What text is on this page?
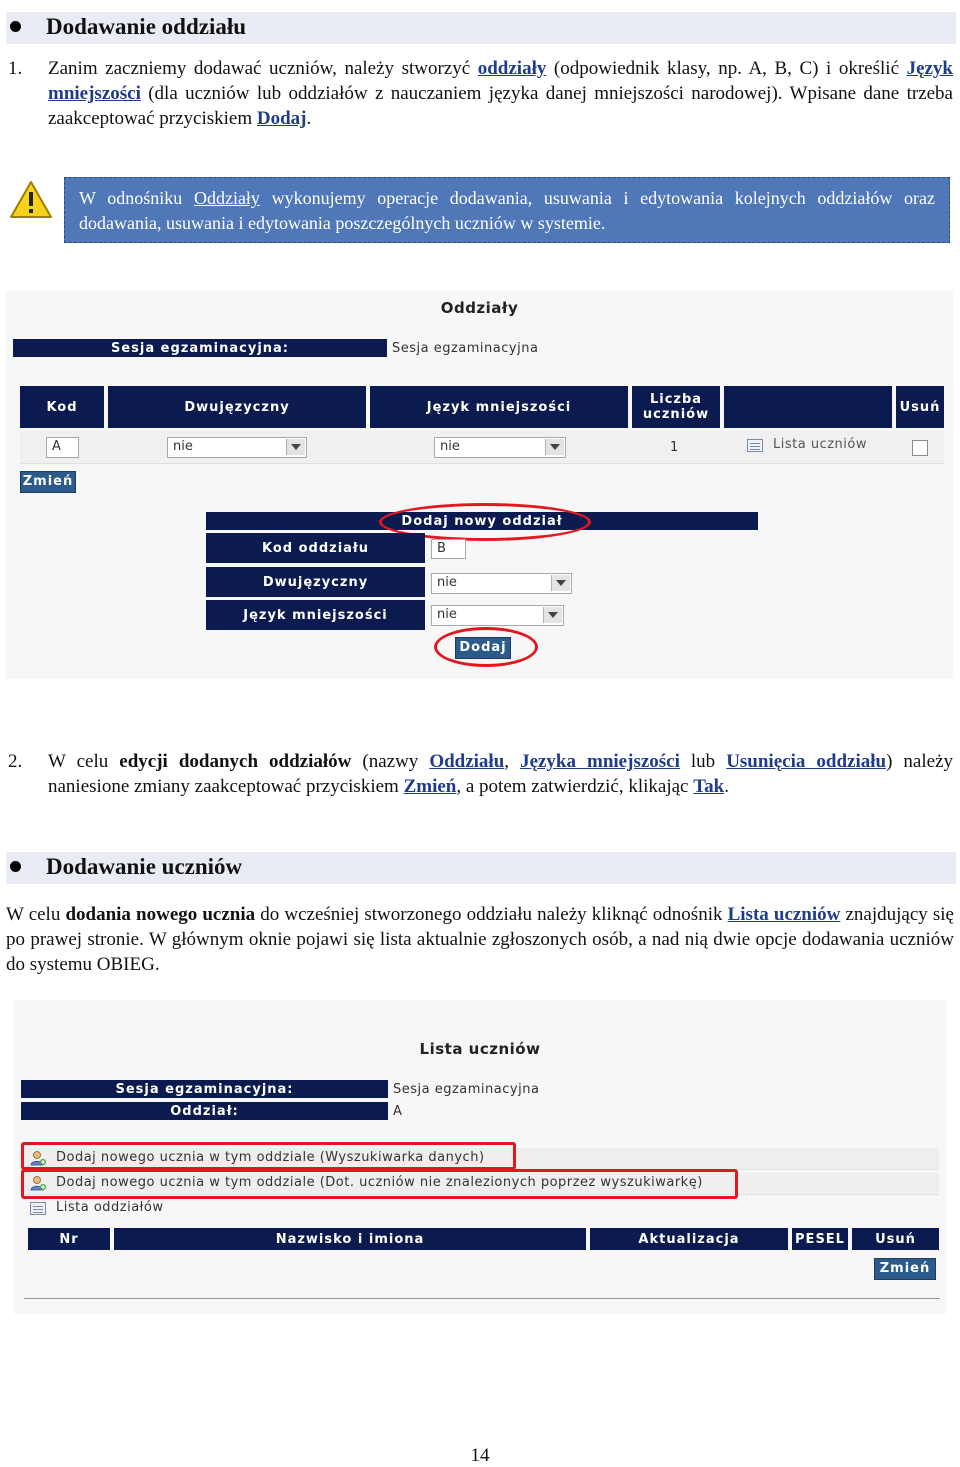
Dodawanie oddziału
1.	Zanim zaczniemy dodawać uczniów, należy stworzyć oddziały (odpowiednik klasy, np. A, B, C) i określić Język mniejszości (dla uczniów lub oddziałów z nauczaniem języka danej mniejszości narodowej). Wpisane dane trzeba zaakceptować przyciskiem Dodaj.
W odnośniku Oddziały wykonujemy operacje dodawania, usuwania i edytowania kolejnych oddziałów oraz dodawania, usuwania i edytowania poszczególnych uczniów w systemie.
Oddziały
Sesja egzaminacyjna:	Sesja egzaminacyjna
Kod	Dwujęzyczny	Język mniejszości	Liczba uczniów	Usuń
A	nie	nie	1	Lista uczniów
Zmień
Dodaj nowy oddział
Kod oddziału	B
Dwujęzyczny	nie
Język mniejszości	nie
Dodaj
2.	W celu edycji dodanych oddziałów (nazwy Oddziału, Języka mniejszości lub Usunięcia oddziału) należy naniesione zmiany zaakceptować przyciskiem Zmień, a potem zatwierdzić, klikając Tak.
Dodawanie uczniów
W celu dodania nowego ucznia do wcześniej stworzonego oddziału należy kliknąć odnośnik Lista uczniów znajdujący się po prawej stronie. W głównym oknie pojawi się lista aktualnie zgłoszonych osób, a nad nią dwie opcje dodawania uczniów do systemu OBIEG.
Lista uczniów
Sesja egzaminacyjna:	Sesja egzaminacyjna
Oddział:	A
Dodaj nowego ucznia w tym oddziale (Wyszukiwarka danych)
Dodaj nowego ucznia w tym oddziale (Dot. uczniów nie znalezionych poprzez wyszukiwarkę)
Lista oddziałów
Nr	Nazwisko i imiona	Aktualizacja	PESEL	Usuń
Zmień
14
